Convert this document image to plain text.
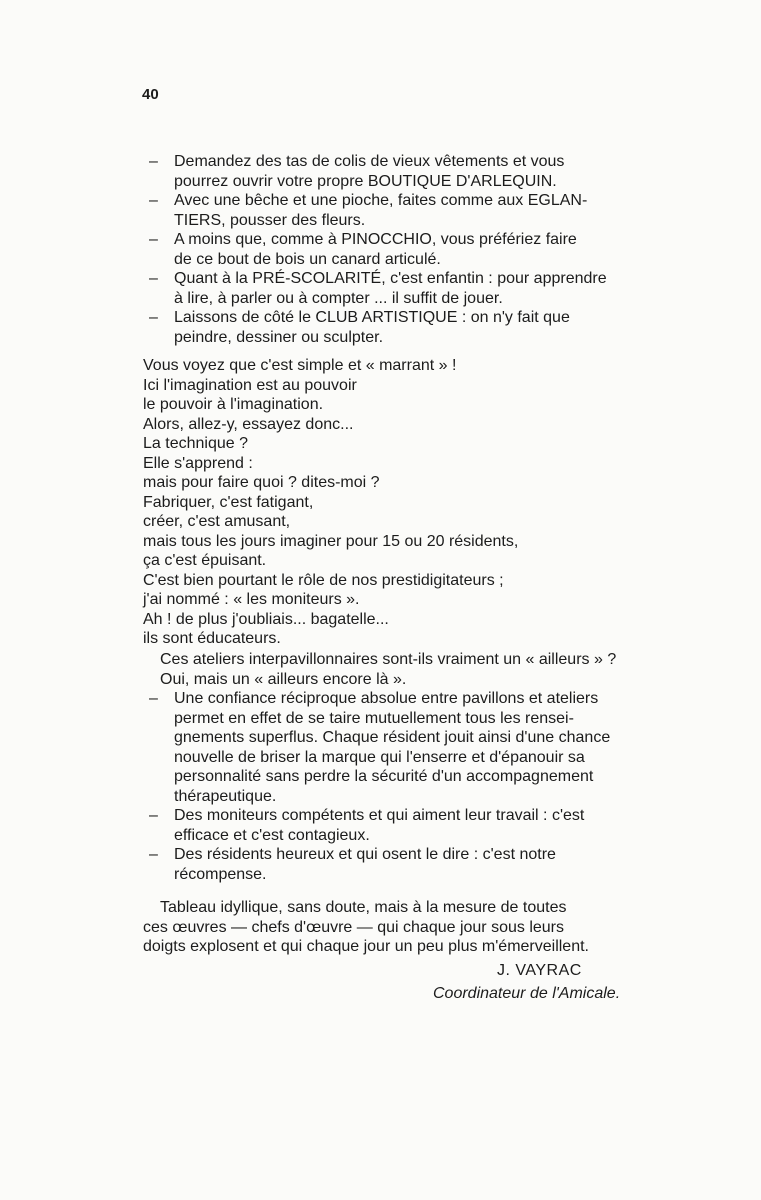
40
– Demandez des tas de colis de vieux vêtements et vous
pourrez ouvrir votre propre BOUTIQUE D'ARLEQUIN.
– Avec une bêche et une pioche, faites comme aux EGLAN-
TIERS, pousser des fleurs.
– A moins que, comme à PINOCCHIO, vous préfériez faire
de ce bout de bois un canard articulé.
– Quant à la PRÉ-SCOLARITÉ, c'est enfantin : pour apprendre
à lire, à parler ou à compter ... il suffit de jouer.
– Laissons de côté le CLUB ARTISTIQUE : on n'y fait que
peindre, dessiner ou sculpter.
Vous voyez que c'est simple et « marrant » !
Ici l'imagination est au pouvoir
le pouvoir à l'imagination.
Alors, allez-y, essayez donc...
La technique ?
Elle s'apprend :
mais pour faire quoi ? dites-moi ?
Fabriquer, c'est fatigant,
créer, c'est amusant,
mais tous les jours imaginer pour 15 ou 20 résidents,
ça c'est épuisant.
C'est bien pourtant le rôle de nos prestidigitateurs ;
j'ai nommé : « les moniteurs ».
Ah ! de plus j'oubliais... bagatelle...
ils sont éducateurs.
Ces ateliers interpavillonnaires sont-ils vraiment un « ailleurs » ?
Oui, mais un « ailleurs encore là ».
– Une confiance réciproque absolue entre pavillons et ateliers
permet en effet de se taire mutuellement tous les rensei-
gnements superflus. Chaque résident jouit ainsi d'une chance
nouvelle de briser la marque qui l'enserre et d'épanouir sa
personnalité sans perdre la sécurité d'un accompagnement
thérapeutique.
– Des moniteurs compétents et qui aiment leur travail : c'est
efficace et c'est contagieux.
– Des résidents heureux et qui osent le dire : c'est notre
récompense.
Tableau idyllique, sans doute, mais à la mesure de toutes
ces œuvres — chefs d'œuvre — qui chaque jour sous leurs
doigts explosent et qui chaque jour un peu plus m'émerveillent.
J. VAYRAC
Coordinateur de l'Amicale.
